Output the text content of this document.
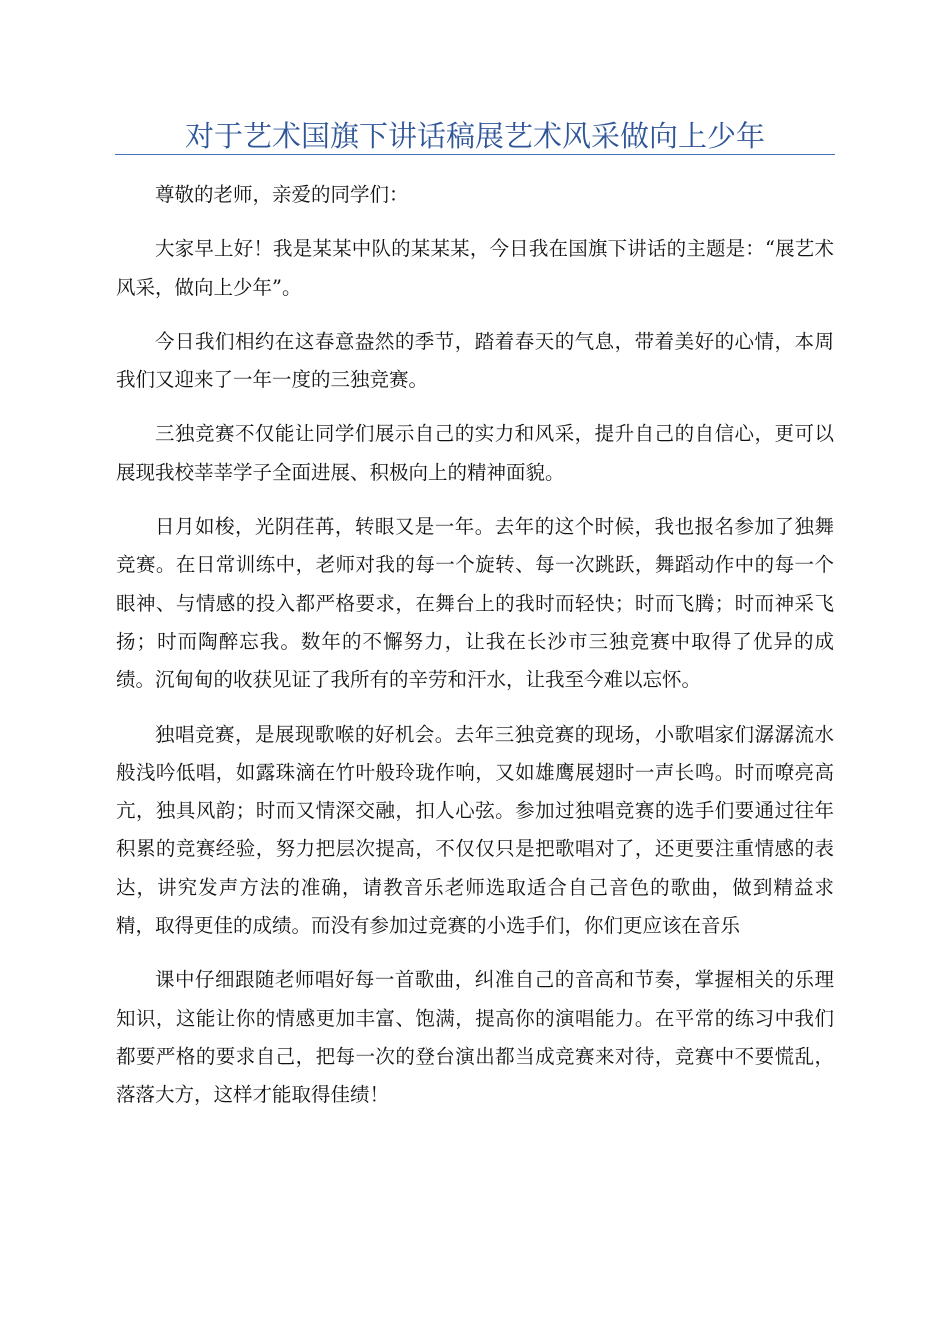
对于艺术国旗下讲话稿展艺术风采做向上少年

尊敬的老师，亲爱的同学们：

大家早上好！我是某某中队的某某某，今日我在国旗下讲话的主题是：“展艺术风采，做向上少年”。

今日我们相约在这春意盎然的季节，踏着春天的气息，带着美好的心情，本周我们又迎来了一年一度的三独竞赛。

三独竞赛不仅能让同学们展示自己的实力和风采，提升自己的自信心，更可以展现我校莘莘学子全面进展、积极向上的精神面貌。

日月如梭，光阴荏苒，转眼又是一年。去年的这个时候，我也报名参加了独舞竞赛。在日常训练中，老师对我的每一个旋转、每一次跳跃，舞蹈动作中的每一个眼神、与情感的投入都严格要求，在舞台上的我时而轻快；时而飞腾；时而神采飞扬；时而陶醉忘我。数年的不懈努力，让我在长沙市三独竞赛中取得了优异的成绩。沉甸甸的收获见证了我所有的辛劳和汗水，让我至今难以忘怀。

独唱竞赛，是展现歌喉的好机会。去年三独竞赛的现场，小歌唱家们潺潺流水般浅吟低唱，如露珠滴在竹叶般玲珑作响，又如雄鹰展翅时一声长鸣。时而嘹亮高亢，独具风韵；时而又情深交融，扣人心弦。参加过独唱竞赛的选手们要通过往年积累的竞赛经验，努力把层次提高，不仅仅只是把歌唱对了，还更要注重情感的表达，讲究发声方法的准确，请教音乐老师选取适合自己音色的歌曲，做到精益求精，取得更佳的成绩。而没有参加过竞赛的小选手们，你们更应该在音乐

课中仔细跟随老师唱好每一首歌曲，纠准自己的音高和节奏，掌握相关的乐理知识，这能让你的情感更加丰富、饱满，提高你的演唱能力。在平常的练习中我们都要严格的要求自己，把每一次的登台演出都当成竞赛来对待，竞赛中不要慌乱，落落大方，这样才能取得佳绩！
